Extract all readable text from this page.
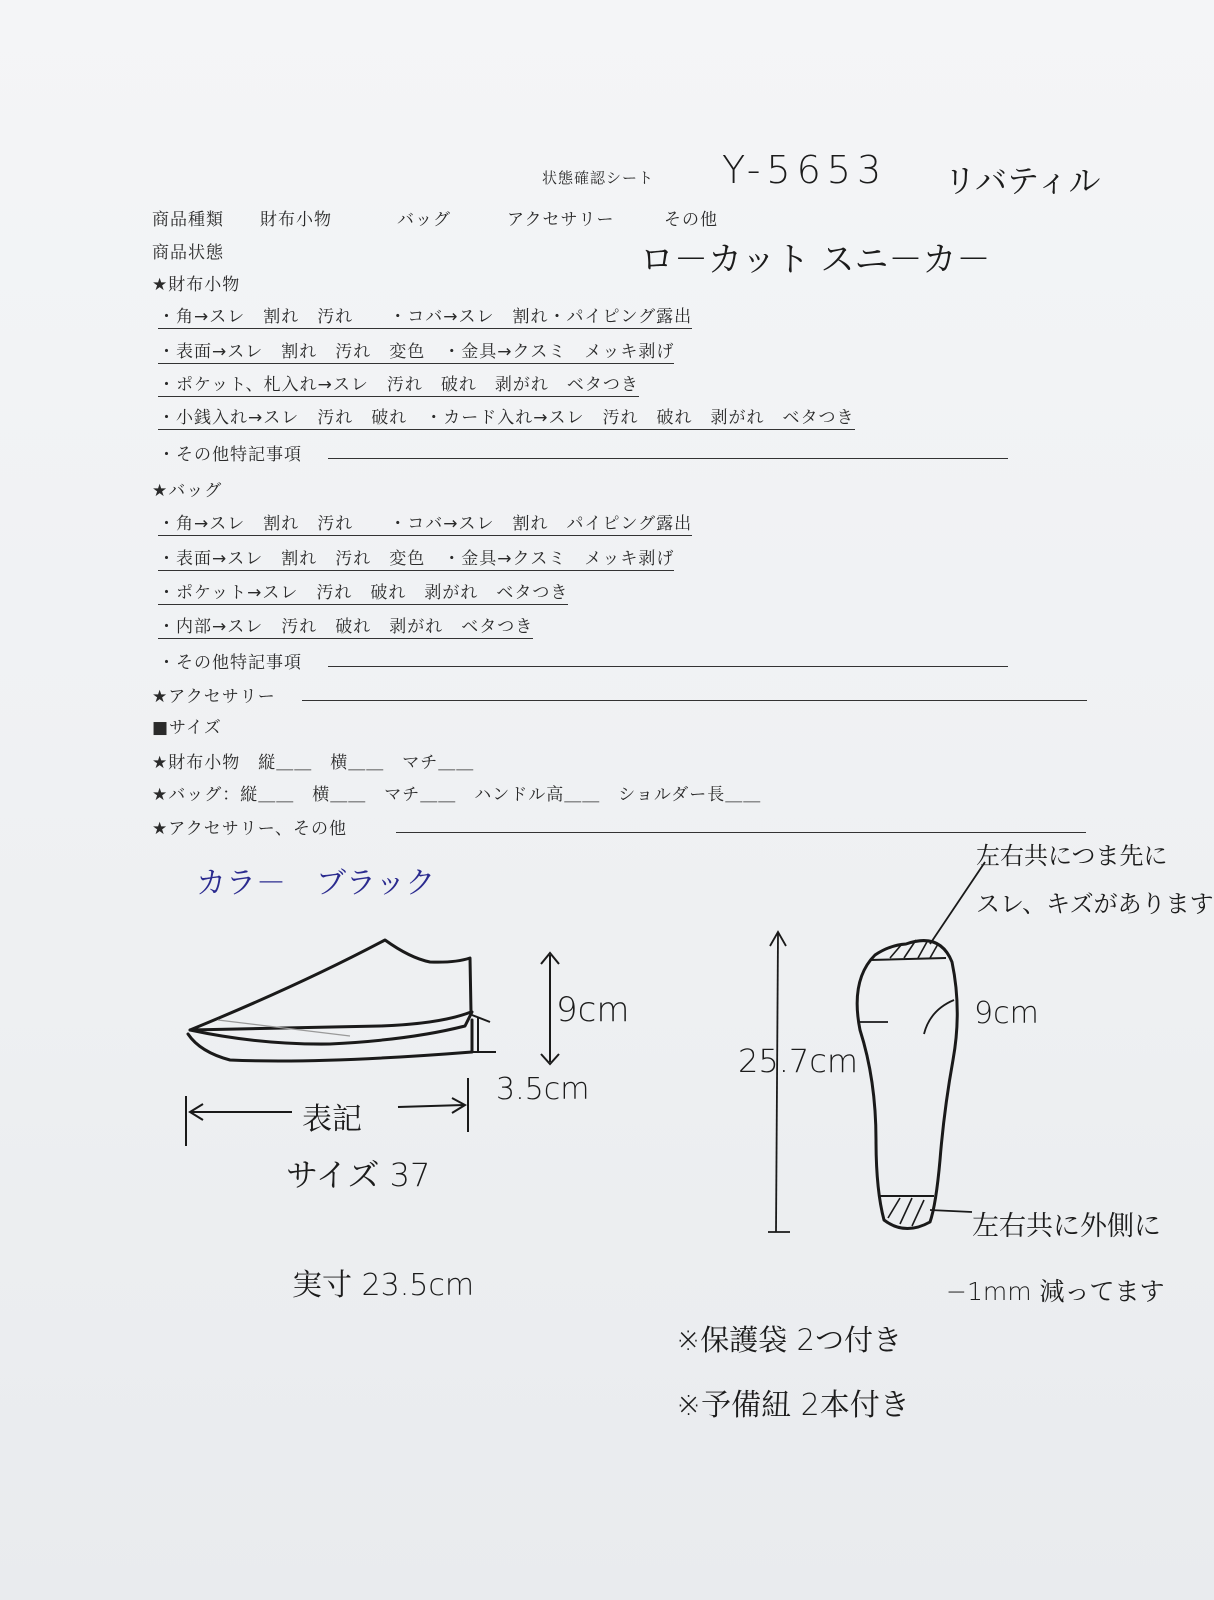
状態確認シート Y-5653 リバティル
商品種類 財布小物	バッグ	アクセサリー	その他
商品状態	ロ－カット スニ－カ－
★財布小物
・角→スレ　割れ　汚れ　　・コバ→スレ　割れ・パイピング露出
・表面→スレ　割れ　汚れ　変色　・金具→クスミ　メッキ剥げ
・ポケット、札入れ→スレ　汚れ　破れ　剥がれ　ベタつき
・小銭入れ→スレ　汚れ　破れ　・カード入れ→スレ　汚れ　破れ　剥がれ　ベタつき
・その他特記事項
★バッグ
・角→スレ　割れ　汚れ　　・コバ→スレ　割れ　パイピング露出
・表面→スレ　割れ　汚れ　変色　・金具→クスミ　メッキ剥げ
・ポケット→スレ　汚れ　破れ　剥がれ　ベタつき
・内部→スレ　汚れ　破れ　剥がれ　ベタつき
・その他特記事項
★アクセサリー
■サイズ
★財布小物　縦＿＿　横＿＿　マチ＿＿
★バッグ：縦＿＿　横＿＿　マチ＿＿　ハンドル高＿＿　ショルダー長＿＿
★アクセサリー、その他
カラ－　ブラック
9cm
3.5cm
表記
サイズ 37
実寸 23.5cm
25.7cm
9cm
左右共につま先に
スレ、キズがあります
左右共に外側に
−1mm 減ってます
※保護袋 2つ付き
※予備紐 2本付き
